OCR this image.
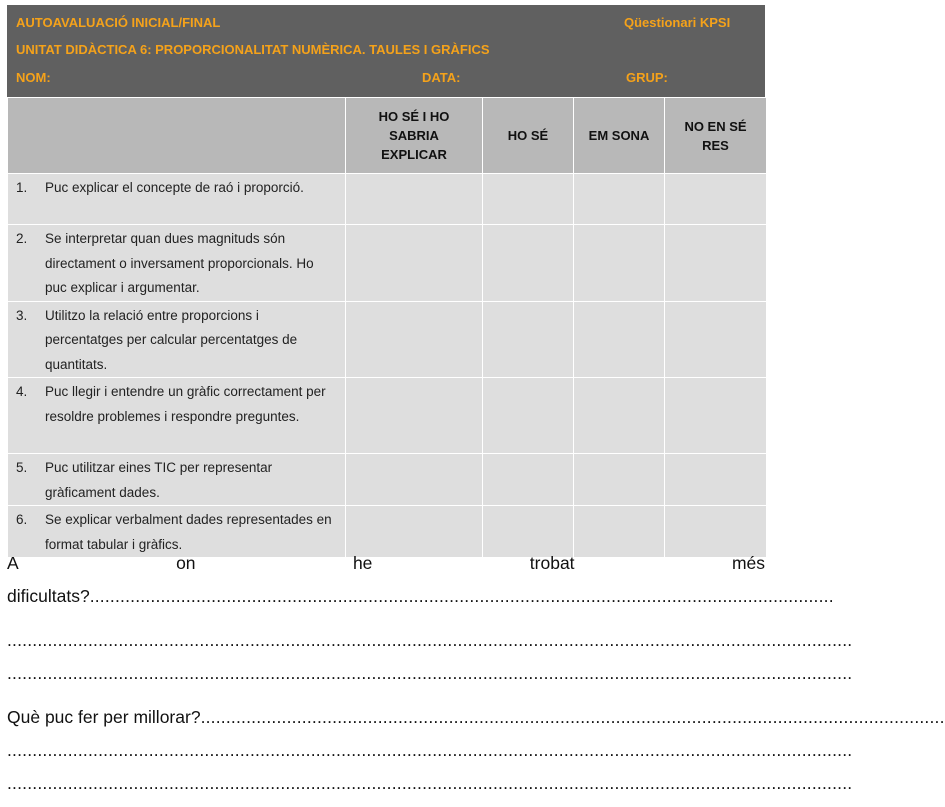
AUTOAVALUACIÓ INICIAL/FINAL	Qüestionari KPSI
UNITAT DIDÀCTICA 6: PROPORCIONALITAT NUMÈRICA. TAULES I GRÀFICS
NOM:	DATA:	GRUP:
	HO SÉ I HO SABRIA EXPLICAR	HO SÉ	EM SONA	NO EN SÉ RES

1. Puc explicar el concepte de raó i proporció.				

2. Se interpretar quan dues magnituds són directament o inversament proporcionals. Ho puc explicar i argumentar.				

3. Utilitzo la relació entre proporcions i percentatges per calcular percentatges de quantitats.				

4. Puc llegir i entendre un gràfic correctament per resoldre problemes i respondre preguntes.				

5. Puc utilitzar eines TIC per representar gràficament dades.				

6. Se explicar verbalment dades representades en format tabular i gràfics.				

A	on	he	trobat	més
dificultats?...................................................................................................................................................
.......................................................................................................................................................................
.......................................................................................................................................................................
Què puc fer per millorar?...................................................................................................................................................
.......................................................................................................................................................................
.......................................................................................................................................................................
